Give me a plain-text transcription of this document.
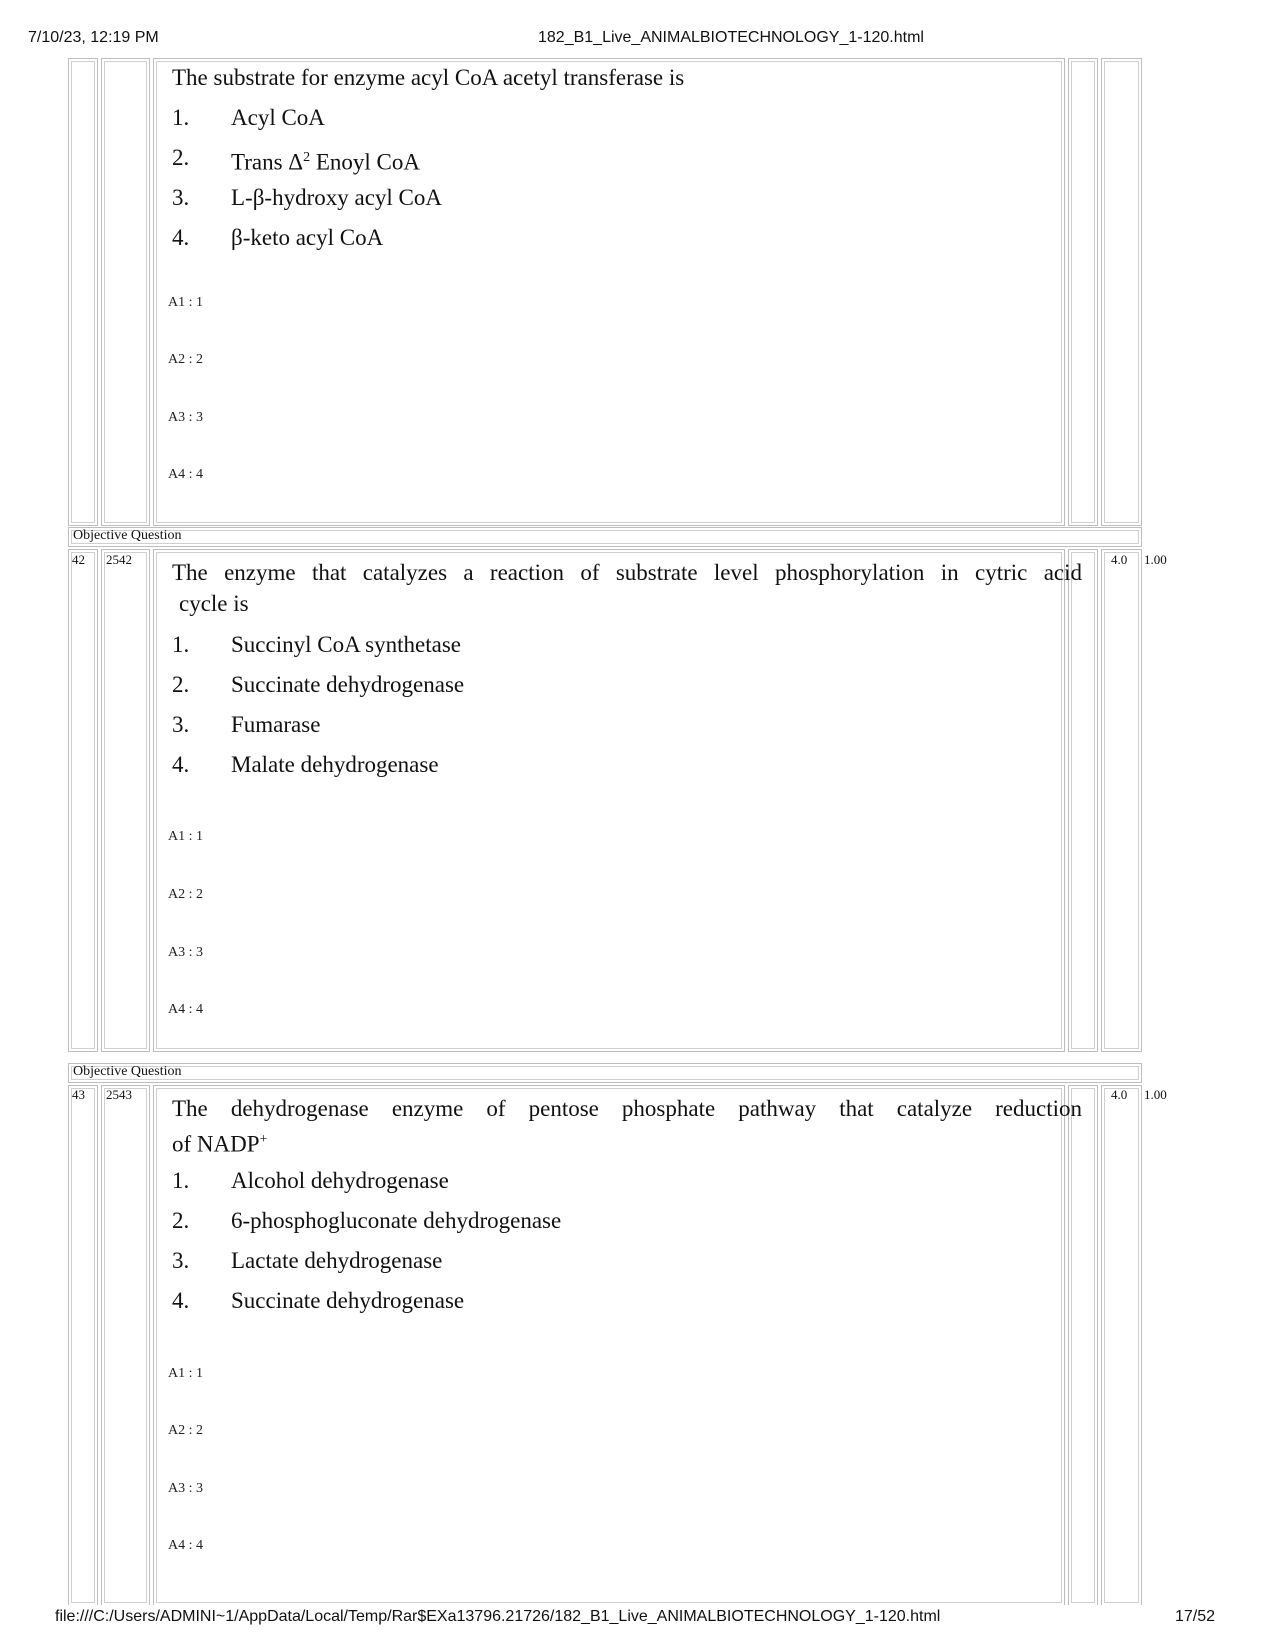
7/10/23, 12:19 PM	182_B1_Live_ANIMALBIOTECHNOLOGY_1-120.html
The substrate for enzyme acyl CoA acetyl transferase is
1. Acyl CoA
2. Trans $\Delta^2$ Enoyl CoA
3. L-β-hydroxy acyl CoA
4. β-keto acyl CoA
A1 : 1
A2 : 2
A3 : 3
A4 : 4
Objective Question
42 2542	4.0 1.00
The enzyme that catalyzes a reaction of substrate level phosphorylation in cytric acid
cycle is
1. Succinyl CoA synthetase
2. Succinate dehydrogenase
3. Fumarase
4. Malate dehydrogenase
A1 : 1
A2 : 2
A3 : 3
A4 : 4
Objective Question
43 2543	4.0 1.00
The dehydrogenase enzyme of pentose phosphate pathway that catalyze reduction
of NADP+
1. Alcohol dehydrogenase
2. 6-phosphogluconate dehydrogenase
3. Lactate dehydrogenase
4. Succinate dehydrogenase
A1 : 1
A2 : 2
A3 : 3
A4 : 4
file:///C:/Users/ADMINI~1/AppData/Local/Temp/Rar$EXa13796.21726/182_B1_Live_ANIMALBIOTECHNOLOGY_1-120.html	17/52
